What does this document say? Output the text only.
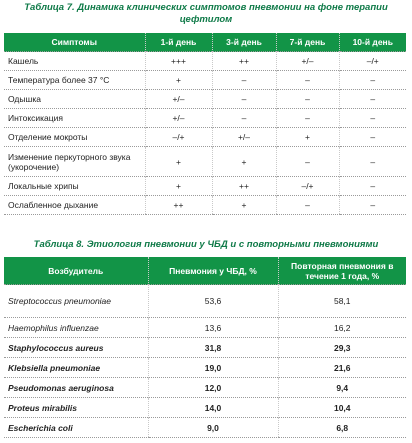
Таблица 7. Динамика клинических симптомов пневмонии на фоне терапии цефтилом
Симптомы	1-й день	3-й день	7-й день	10-й день
Кашель	+++	++	+/–	–/+
Температура более 37 °С	+	–	–	–
Одышка	+/–	–	–	–
Интоксикация	+/–	–	–	–
Отделение мокроты	–/+	+/–	+	–
Изменение перкуторного звука (укорочение)	+	+	–	–
Локальные хрипы	+	++	–/+	–
Ослабленное дыхание	++	+	–	–
Таблица 8. Этиология пневмонии у ЧБД и с повторными пневмониями
Возбудитель	Пневмония у ЧБД, %	Повторная пневмония в течение 1 года, %
Streptococcus pneumoniae	53,6	58,1
Haemophilus influenzae	13,6	16,2
Staphylococcus aureus	31,8	29,3
Klebsiella pneumoniae	19,0	21,6
Pseudomonas aeruginosa	12,0	9,4
Proteus mirabilis	14,0	10,4
Escherichia coli	9,0	6,8
